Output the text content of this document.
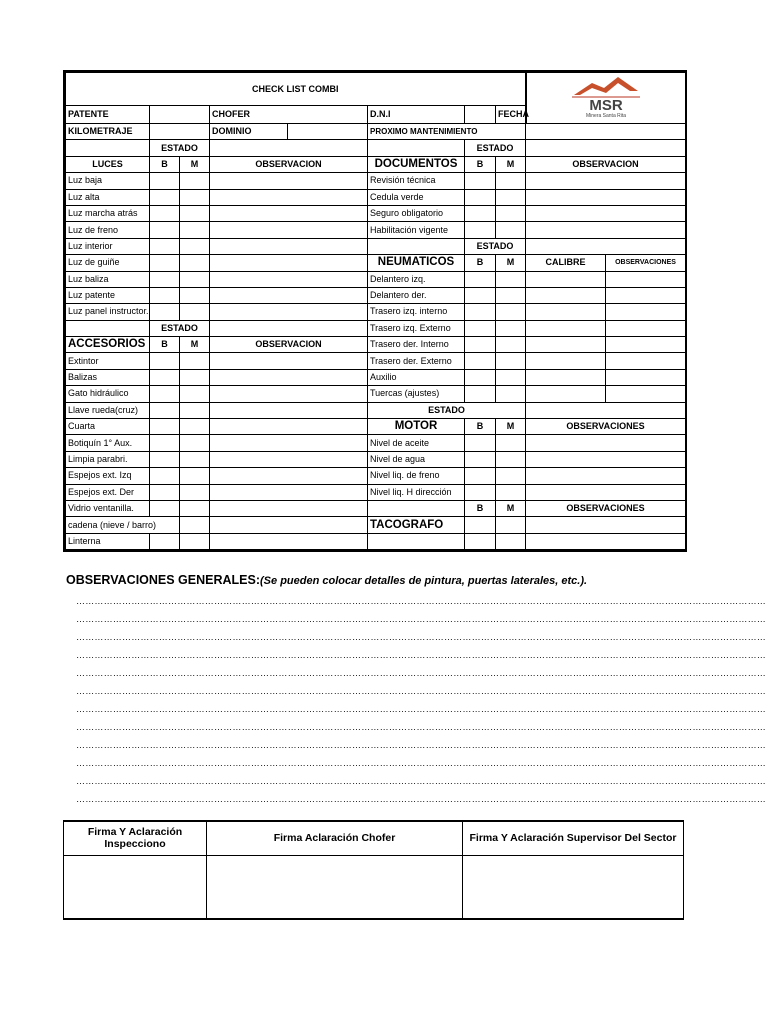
CHECK LIST COMBI								MSR
Minera Santa Rita		

PATENTE			CHOFER		D.N.I		FECHA			
KILOMETRAJE			DOMINIO		PROXIMO MANTENIMIENTO					
	ESTADO					ESTADO				
LUCES	B	M	OBSERVACION		DOCUMENTOS	B	M	OBSERVACION		
Luz baja					Revisión técnica					
Luz alta					Cedula verde					
Luz marcha atrás					Seguro obligatorio					
Luz de freno					Habilitación vigente					
Luz interior						ESTADO				
Luz de guiñe					NEUMATICOS	B	M	CALIBRE	OBSERVACIONES	
Luz baliza					Delantero izq.					
Luz patente					Delantero der.					
Luz panel instructor.					Trasero izq. interno					
	ESTADO				Trasero izq. Externo					
ACCESORIOS	B	M	OBSERVACION		Trasero der. Interno					
Extintor					Trasero der. Externo					
Balizas					Auxilio					
Gato hidráulico					Tuercas (ajustes)					
Llave rueda(cruz)					ESTADO					
Cuarta					MOTOR	B	M	OBSERVACIONES		
Botiquín 1° Aux.					Nivel de aceite					
Limpia parabri.					Nivel de agua					
Espejos ext. Izq					Nivel liq. de freno					
Espejos ext. Der					Nivel liq. H dirección					
Vidrio ventanilla.						B	M	OBSERVACIONES		
cadena (nieve / barro)					TACOGRAFO					
Linterna										
OBSERVACIONES GENERALES:(Se pueden colocar detalles de pintura, puertas laterales, etc.).
………………………………………………………………………………………………………………………………………………………………………………………………………
………………………………………………………………………………………………………………………………………………………………………………………………………
………………………………………………………………………………………………………………………………………………………………………………………………………
………………………………………………………………………………………………………………………………………………………………………………………………………
………………………………………………………………………………………………………………………………………………………………………………………………………
………………………………………………………………………………………………………………………………………………………………………………………………………
………………………………………………………………………………………………………………………………………………………………………………………………………
………………………………………………………………………………………………………………………………………………………………………………………………………
………………………………………………………………………………………………………………………………………………………………………………………………………
………………………………………………………………………………………………………………………………………………………………………………………………………
………………………………………………………………………………………………………………………………………………………………………………………………………
………………………………………………………………………………………………………………………………………………………………………………………………………
Firma Y Aclaración Inspecciono	Firma Aclaración Chofer	Firma Y Aclaración Supervisor Del Sector
